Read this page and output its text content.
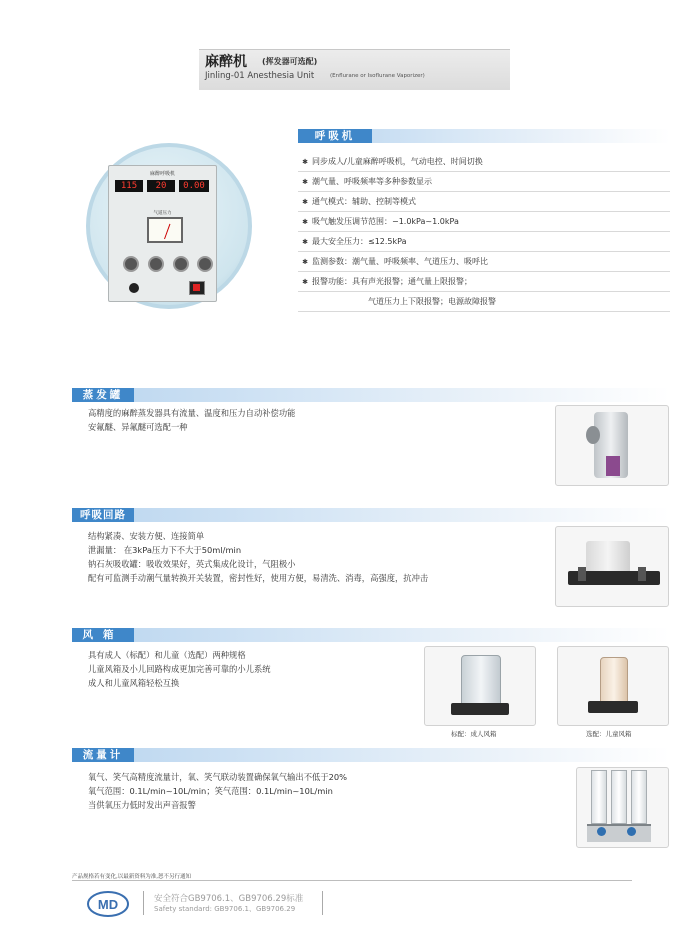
麻醉机 (挥发器可选配)
Jinling-01 Anesthesia Unit	(Enflurane or Isoflurane Vaporizer)
呼吸机
✱ 同步成人/儿童麻醉呼吸机，气动电控、时间切换
✱ 潮气量、呼吸频率等多种参数显示
✱ 通气模式：辅助、控制等模式
✱ 吸气触发压调节范围：−1.0kPa~1.0kPa
✱ 最大安全压力：≤12.5kPa
✱ 监测参数：潮气量、呼吸频率、气道压力、吸呼比
✱ 报警功能：具有声光报警；通气量上限报警；
气道压力上下限报警；电源故障报警
麻醉呼吸机
115	20	0.00
气道压力
蒸发罐
高精度的麻醉蒸发器具有流量、温度和压力自动补偿功能
安氟醚、异氟醚可选配一种
呼吸回路
结构紧凑、安装方便、连接简单
泄漏量： 在3kPa压力下不大于50ml/min
钠石灰吸收罐：吸收效果好，英式集成化设计，气阻极小
配有可监测手动潮气量转换开关装置，密封性好，使用方便，易清洗、消毒，高强度，抗冲击
风箱
具有成人（标配）和儿童（选配）两种规格
儿童风箱及小儿回路构成更加完善可靠的小儿系统
成人和儿童风箱轻松互换
标配：成人风箱	选配：儿童风箱
流量计
氧气、笑气高精度流量计，氧、笑气联动装置确保氧气输出不低于20%
氧气范围：0.1L/min~10L/min；笑气范围：0.1L/min~10L/min
当供氧压力低时发出声音报警
产品规格若有变化,以最新资料为准,恕不另行通知
MD	安全符合GB9706.1、GB9706.29标准
Safety standard: GB9706.1、GB9706.29
